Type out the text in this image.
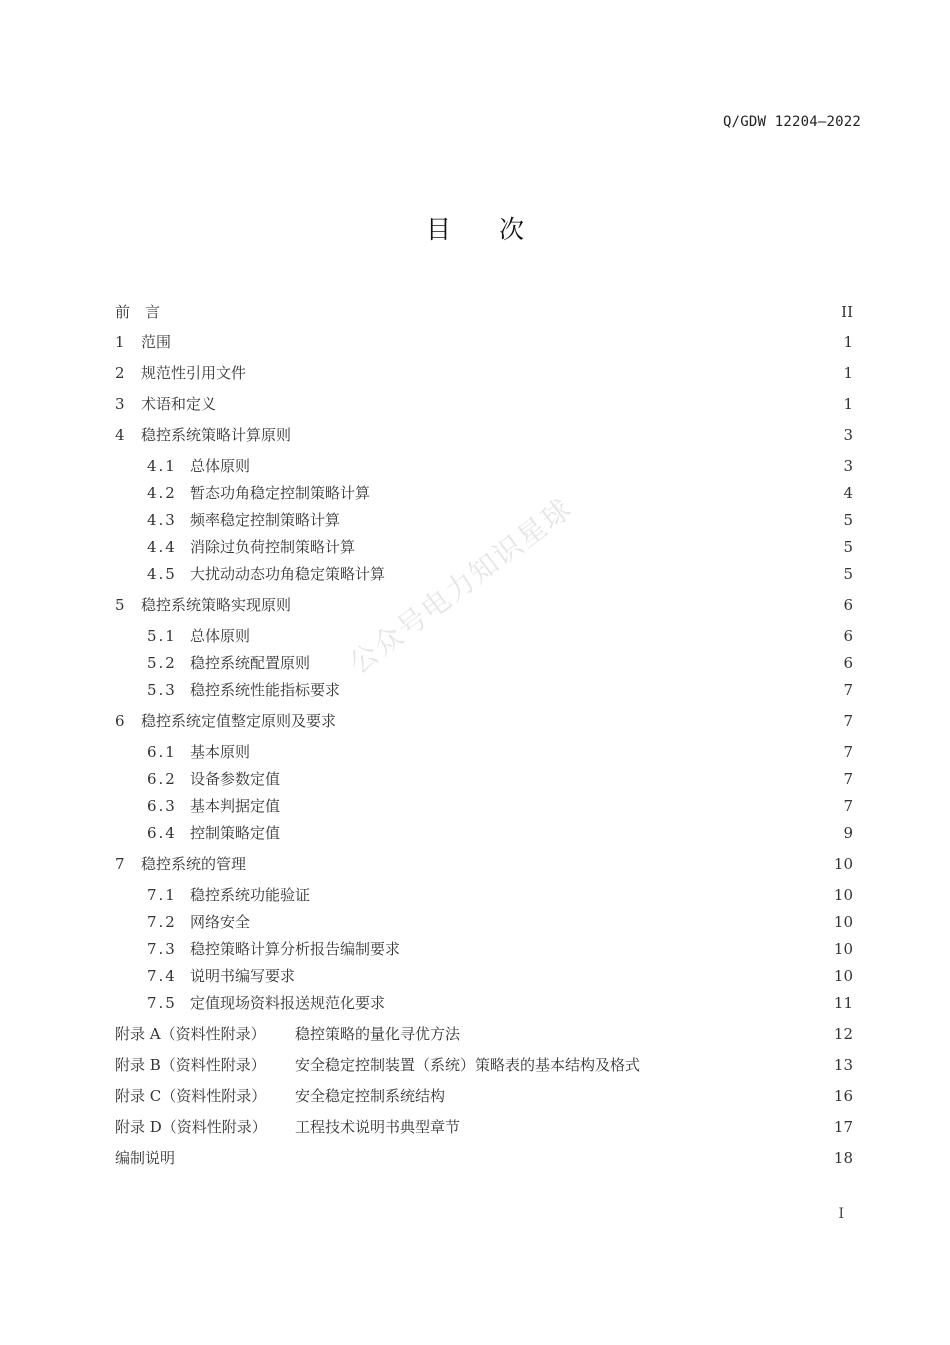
Q/GDW 12204—2022
目 次
前　言	II
1 范围	1
2 规范性引用文件	1
3 术语和定义	1
4 稳控系统策略计算原则	3
4.1 总体原则	3
4.2 暂态功角稳定控制策略计算	4
4.3 频率稳定控制策略计算	5
4.4 消除过负荷控制策略计算	5
4.5 大扰动动态功角稳定策略计算	5
5 稳控系统策略实现原则	6
5.1 总体原则	6
5.2 稳控系统配置原则	6
5.3 稳控系统性能指标要求	7
6 稳控系统定值整定原则及要求	7
6.1 基本原则	7
6.2 设备参数定值	7
6.3 基本判据定值	7
6.4 控制策略定值	9
7 稳控系统的管理	10
7.1 稳控系统功能验证	10
7.2 网络安全	10
7.3 稳控策略计算分析报告编制要求	10
7.4 说明书编写要求	10
7.5 定值现场资料报送规范化要求	11
附录 A（资料性附录） 稳控策略的量化寻优方法	12
附录 B（资料性附录） 安全稳定控制装置（系统）策略表的基本结构及格式	13
附录 C（资料性附录） 安全稳定控制系统结构	16
附录 D（资料性附录） 工程技术说明书典型章节	17
编制说明	18
公众号电力知识星球
I
